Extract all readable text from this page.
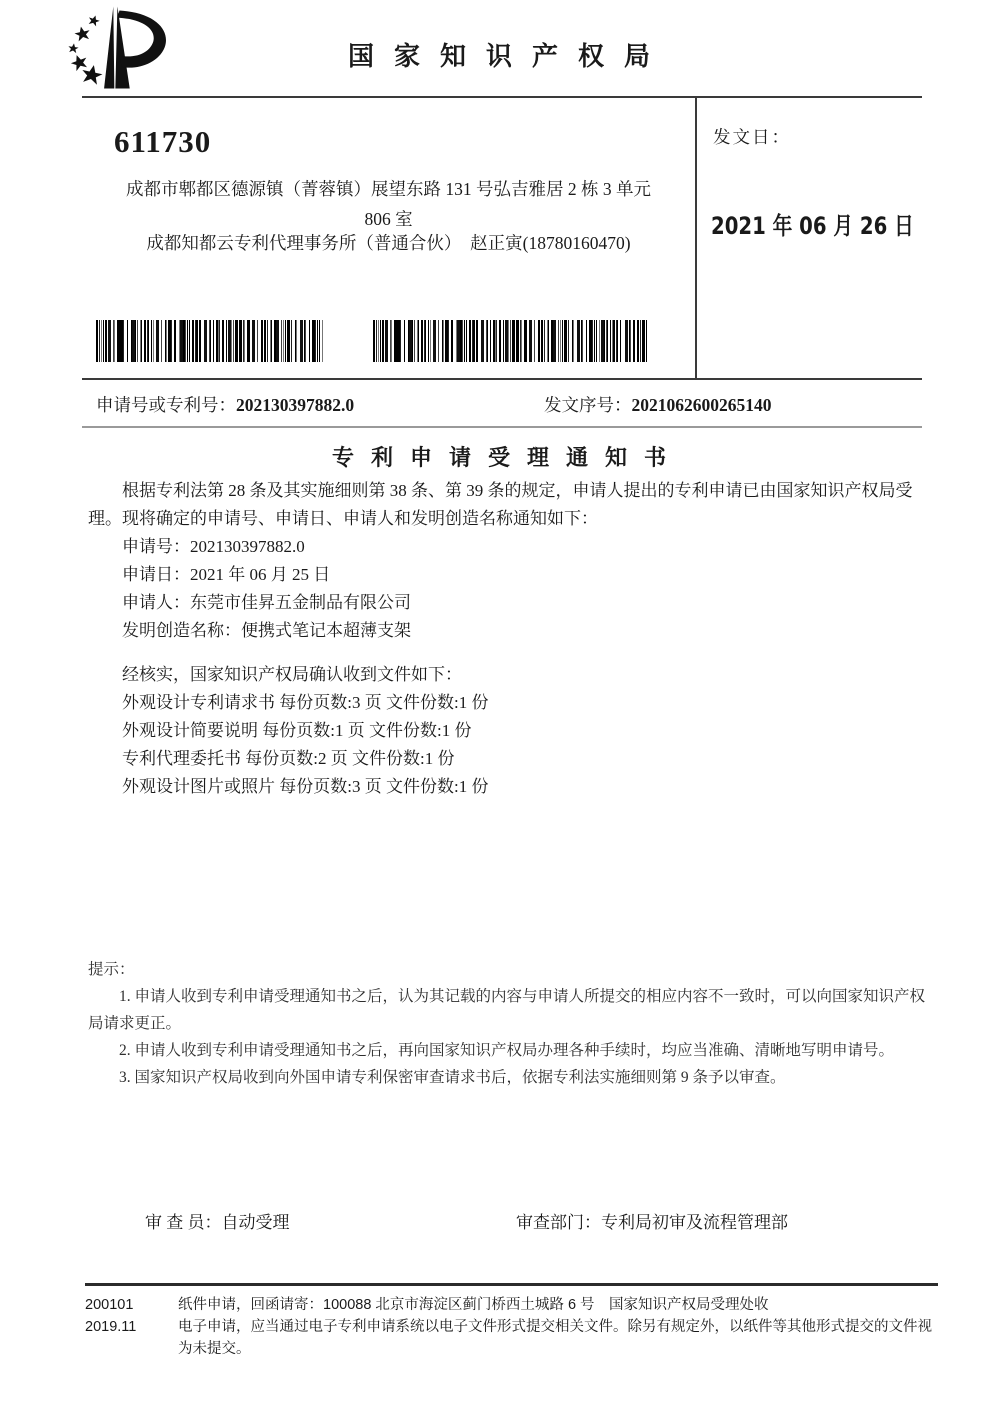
国家知识产权局
611730
成都市郫都区德源镇（菁蓉镇）展望东路 131 号弘吉雅居 2 栋 3 单元
806 室
成都知都云专利代理事务所（普通合伙）　赵正寅(18780160470)
发文日：
2021 年 06 月 26 日
申请号或专利号：202130397882.0	发文序号：2021062600265140
专利申请受理通知书

根据专利法第 28 条及其实施细则第 38 条、第 39 条的规定，申请人提出的专利申请已由国家知识产权局受理。现将确定的申请号、申请日、申请人和发明创造名称通知如下：

申请号：202130397882.0
申请日：2021 年 06 月 25 日
申请人：东莞市佳昇五金制品有限公司
发明创造名称：便携式笔记本超薄支架
经核实，国家知识产权局确认收到文件如下：
外观设计专利请求书 每份页数:3 页 文件份数:1 份
外观设计简要说明 每份页数:1 页 文件份数:1 份
专利代理委托书 每份页数:2 页 文件份数:1 份
外观设计图片或照片 每份页数:3 页 文件份数:1 份
提示：

1. 申请人收到专利申请受理通知书之后，认为其记载的内容与申请人所提交的相应内容不一致时，可以向国家知识产权局请求更正。

2. 申请人收到专利申请受理通知书之后，再向国家知识产权局办理各种手续时，均应当准确、清晰地写明申请号。

3. 国家知识产权局收到向外国申请专利保密审查请求书后，依据专利法实施细则第 9 条予以审查。

审 查 员：自动受理	审查部门：专利局初审及流程管理部
200101
2019.11
纸件申请，回函请寄：100088 北京市海淀区蓟门桥西土城路 6 号　国家知识产权局受理处收
电子申请，应当通过电子专利申请系统以电子文件形式提交相关文件。除另有规定外，以纸件等其他形式提交的文件视为未提交。
